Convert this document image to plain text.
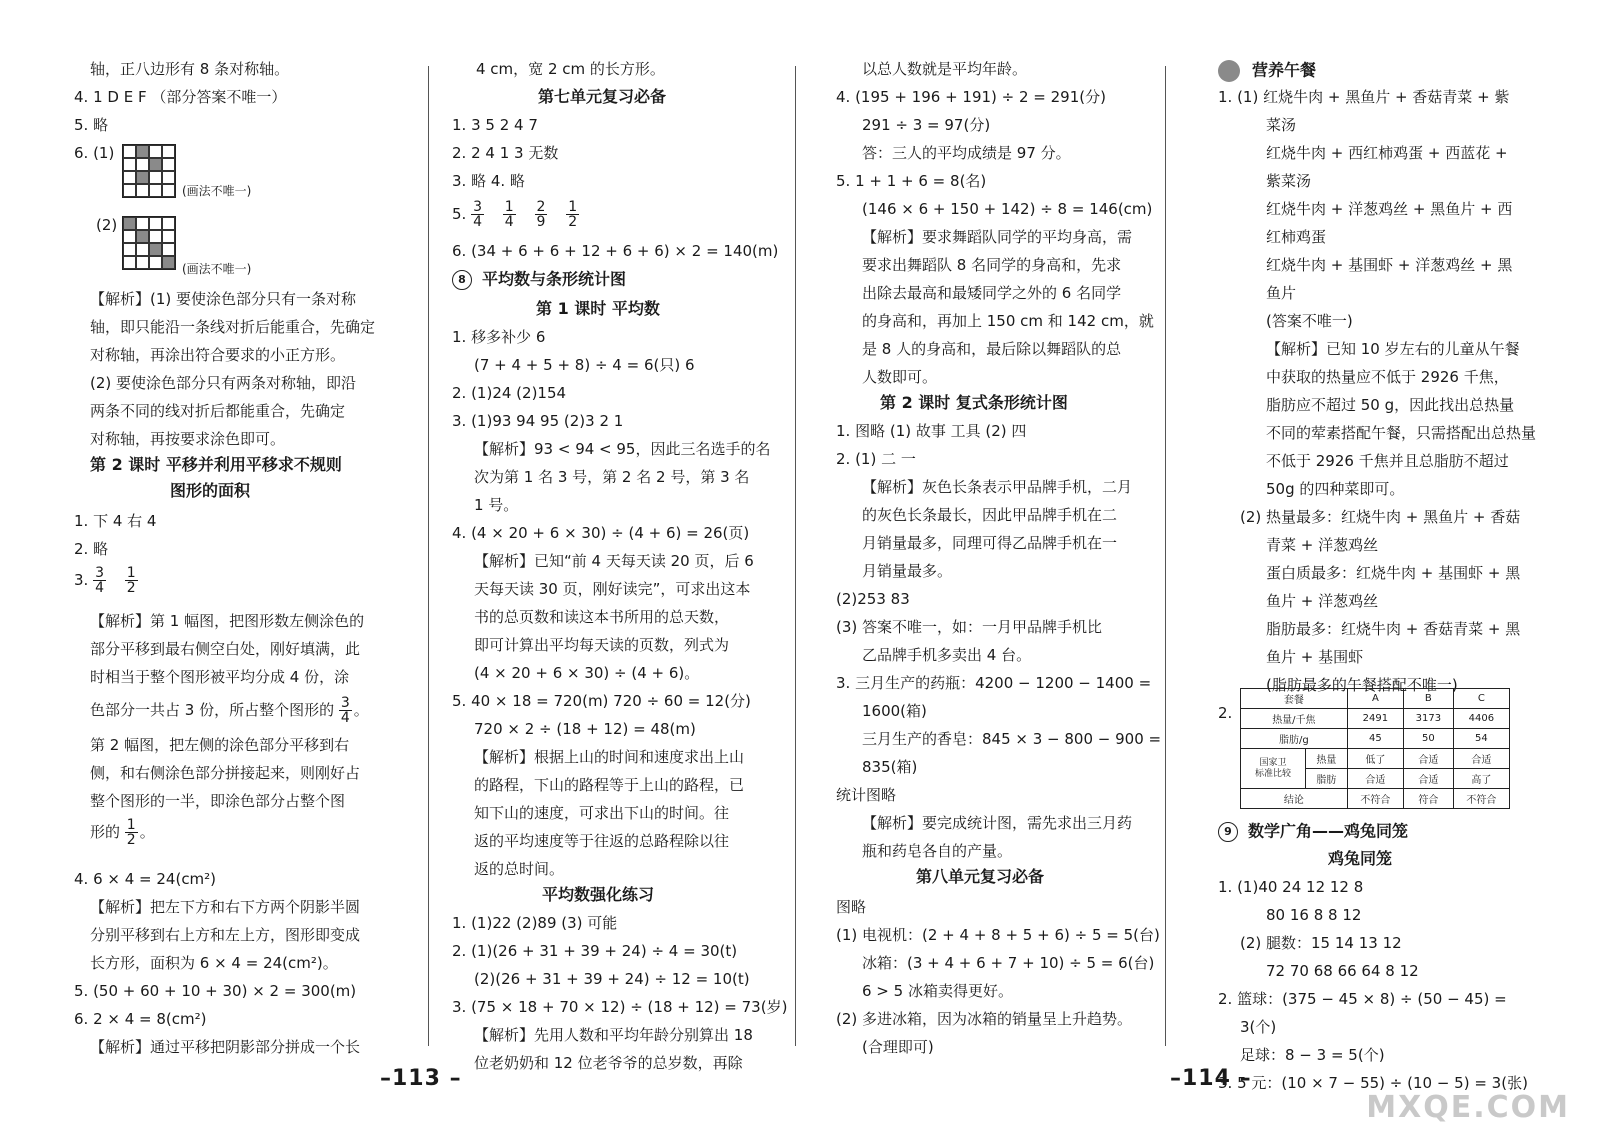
轴，正八边形有 8 条对称轴。
4. 1 D E F （部分答案不唯一）
5. 略
6. (1)
(画法不唯一)
(2)
(画法不唯一)
【解析】(1) 要使涂色部分只有一条对称
轴，即只能沿一条线对折后能重合，先确定
对称轴，再涂出符合要求的小正方形。
(2) 要使涂色部分只有两条对称轴，即沿
两条不同的线对折后都能重合，先确定
对称轴，再按要求涂色即可。
第 2 课时 平移并利用平移求不规则
图形的面积
1. 下 4 右 4
2. 略
3. $\frac{3}{4}$
$\frac{1}{2}$
【解析】第 1 幅图，把图形数左侧涂色的
部分平移到最右侧空白处，刚好填满，此
时相当于整个图形被平均分成 4 份，涂
色部分一共占 3 份，所占整个图形的 $\frac{3}{4}$ 。
第 2 幅图，把左侧的涂色部分平移到右
侧，和右侧涂色部分拼接起来，则刚好占
整个图形的一半，即涂色部分占整个图
形的 $\frac{1}{2}$ 。
4. 6 × 4 = 24(cm²)
【解析】把左下方和右下方两个阴影半圆
分别平移到右上方和左上方，图形即变成
长方形，面积为 6 × 4 = 24(cm²)。
5. (50 + 60 + 10 + 30) × 2 = 300(m)
6. 2 × 4 = 8(cm²)
【解析】通过平移把阴影部分拼成一个长
4 cm，宽 2 cm 的长方形。
第七单元复习必备
1. 3 5 2 4 7
2. 2 4 1 3 无数
3. 略 4. 略
5. $\frac{3}{4}$
$\frac{1}{4}$
$\frac{2}{9}$
$\frac{1}{2}$
6. (34 + 6 + 6 + 12 + 6 + 6) × 2 = 140(m)
8 平均数与条形统计图
第 1 课时 平均数
1. 移多补少 6
(7 + 4 + 5 + 8) ÷ 4 = 6(只) 6
2. (1)24 (2)154
3. (1)93 94 95 (2)3 2 1
【解析】93 < 94 < 95，因此三名选手的名
次为第 1 名 3 号，第 2 名 2 号，第 3 名
1 号。
4. (4 × 20 + 6 × 30) ÷ (4 + 6) = 26(页)
【解析】已知“前 4 天每天读 20 页，后 6
天每天读 30 页，刚好读完”，可求出这本
书的总页数和读这本书所用的总天数，
即可计算出平均每天读的页数，列式为
(4 × 20 + 6 × 30) ÷ (4 + 6)。
5. 40 × 18 = 720(m) 720 ÷ 60 = 12(分)
720 × 2 ÷ (18 + 12) = 48(m)
【解析】根据上山的时间和速度求出上山
的路程，下山的路程等于上山的路程，已
知下山的速度，可求出下山的时间。往
返的平均速度等于往返的总路程除以往
返的总时间。
平均数强化练习
1. (1)22 (2)89 (3) 可能
2. (1)(26 + 31 + 39 + 24) ÷ 4 = 30(t)
(2)(26 + 31 + 39 + 24) ÷ 12 = 10(t)
3. (75 × 18 + 70 × 12) ÷ (18 + 12) = 73(岁)
【解析】先用人数和平均年龄分别算出 18
位老奶奶和 12 位老爷爷的总岁数，再除
以总人数就是平均年龄。
4. (195 + 196 + 191) ÷ 2 = 291(分)
291 ÷ 3 = 97(分)
答：三人的平均成绩是 97 分。
5. 1 + 1 + 6 = 8(名)
(146 × 6 + 150 + 142) ÷ 8 = 146(cm)
【解析】要求舞蹈队同学的平均身高，需
要求出舞蹈队 8 名同学的身高和，先求
出除去最高和最矮同学之外的 6 名同学
的身高和，再加上 150 cm 和 142 cm，就
是 8 人的身高和，最后除以舞蹈队的总
人数即可。
第 2 课时 复式条形统计图
1. 图略 (1) 故事 工具 (2) 四
2. (1) 二 一
【解析】灰色长条表示甲品牌手机，二月
的灰色长条最长，因此甲品牌手机在二
月销量最多，同理可得乙品牌手机在一
月销量最多。
(2)253 83
(3) 答案不唯一，如：一月甲品牌手机比
乙品牌手机多卖出 4 台。
3. 三月生产的药瓶：4200 − 1200 − 1400 =
1600(箱)
三月生产的香皂：845 × 3 − 800 − 900 =
835(箱)
统计图略
【解析】要完成统计图，需先求出三月药
瓶和药皂各自的产量。
第八单元复习必备
图略
(1) 电视机：(2 + 4 + 8 + 5 + 6) ÷ 5 = 5(台)
冰箱：(3 + 4 + 6 + 7 + 10) ÷ 5 = 6(台)
6 > 5 冰箱卖得更好。
(2) 多进冰箱，因为冰箱的销量呈上升趋势。
(合理即可)
营养午餐
1. (1) 红烧牛肉 + 黑鱼片 + 香菇青菜 + 紫
菜汤
红烧牛肉 + 西红柿鸡蛋 + 西蓝花 +
紫菜汤
红烧牛肉 + 洋葱鸡丝 + 黑鱼片 + 西
红柿鸡蛋
红烧牛肉 + 基围虾 + 洋葱鸡丝 + 黑
鱼片
(答案不唯一)
【解析】已知 10 岁左右的儿童从午餐
中获取的热量应不低于 2926 千焦，
脂肪应不超过 50 g，因此找出总热量
不同的荤素搭配午餐，只需搭配出总热量
不低于 2926 千焦并且总脂肪不超过
50g 的四种菜即可。
(2) 热量最多：红烧牛肉 + 黑鱼片 + 香菇
青菜 + 洋葱鸡丝
蛋白质最多：红烧牛肉 + 基围虾 + 黑
鱼片 + 洋葱鸡丝
脂肪最多：红烧牛肉 + 香菇青菜 + 黑
鱼片 + 基围虾
(脂肪最多的午餐搭配不唯一)
2.
套餐		A	B	C
热量/千焦		2491	3173	4406
脂肪/g		45	50	54
国家卫
标准比较	热量	低了	合适	合适
	脂肪	合适	合适	高了
结论		不符合	符合	不符合
9 数学广角——鸡兔同笼
鸡兔同笼
1. (1)40 24 12 12 8
80 16 8 8 12
(2) 腿数：15 14 13 12
72 70 68 66 64 8 12
2. 篮球：(375 − 45 × 8) ÷ (50 − 45) =
3(个)
足球：8 − 3 = 5(个)
3. 5 元：(10 × 7 − 55) ÷ (10 − 5) = 3(张)
–113 –	–114 –
MXQE.COM
